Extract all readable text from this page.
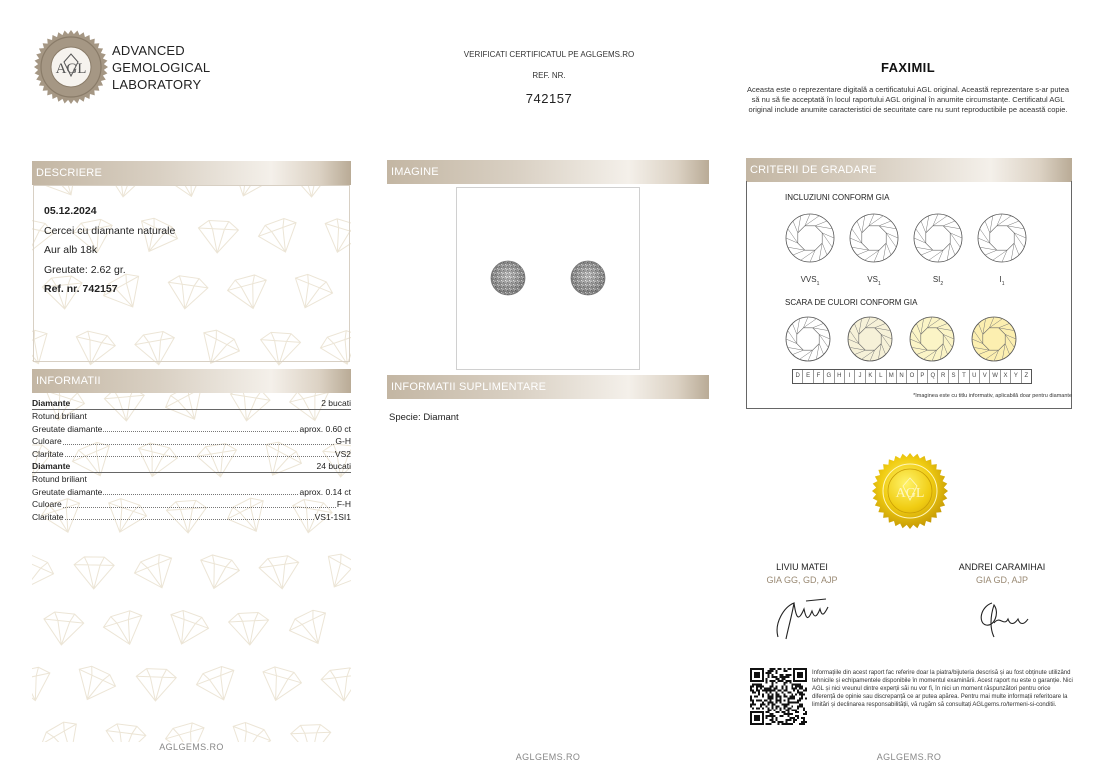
AGL
ADVANCED
GEMOLOGICAL
LABORATORY
VERIFICATI CERTIFICATUL PE AGLGEMS.RO
REF. NR.
742157
FAXIMIL
Aceasta este o reprezentare digitală a certificatului AGL original. Această reprezentare s-ar putea să nu să fie acceptată în locul raportului AGL original în anumite circumstanțe. Certificatul AGL original include anumite caracteristici de securitate care nu sunt reproductibile pe această copie.
DESCRIERE
05.12.2024
Cercei cu diamante naturale
Aur alb 18k
Greutate: 2.62 gr.
Ref. nr. 742157
INFORMATII
Diamante	2 bucati
Rotund briliant
Greutate diamante	aprox. 0.60 ct
Culoare	G-H
Claritate	VS2
Diamante	24 bucati
Rotund briliant
Greutate diamante	aprox. 0.14 ct
Culoare	F-H
Claritate	VS1-1SI1
AGLGEMS.RO
IMAGINE
INFORMATII SUPLIMENTARE
Specie: Diamant
AGLGEMS.RO
CRITERII DE GRADARE
INCLUZIUNI CONFORM GIA
$VVS_1$	$VS_1$	$SI_2$	$I_1$
SCARA DE CULORI CONFORM GIA
D	E	F	G H	I	J	K	L	M N O	P	Q R	S	T	U	V W X	Y	Z
*Imaginea este cu titlu informativ, aplicabilă doar pentru diamante
AGL
LIVIU MATEI
GIA GG, GD, AJP
ANDREI CARAMIHAI
GIA GD, AJP
Informațiile din acest raport fac referire doar la piatra/bijuteria descrisă și au fost obținute utilizând tehnicile și echipamentele disponibile în momentul examinării. Acest raport nu este o garanție. Nici AGL și nici vreunul dintre experții săi nu vor fi, în nici un moment răspunzători pentru orice diferență de opinie sau discrepanță ce ar putea apărea. Pentru mai multe informații referitoare la limitări și declinarea responsabilității, vă rugăm să consultați AGLgems.ro/termeni-si-conditii.
AGLGEMS.RO
